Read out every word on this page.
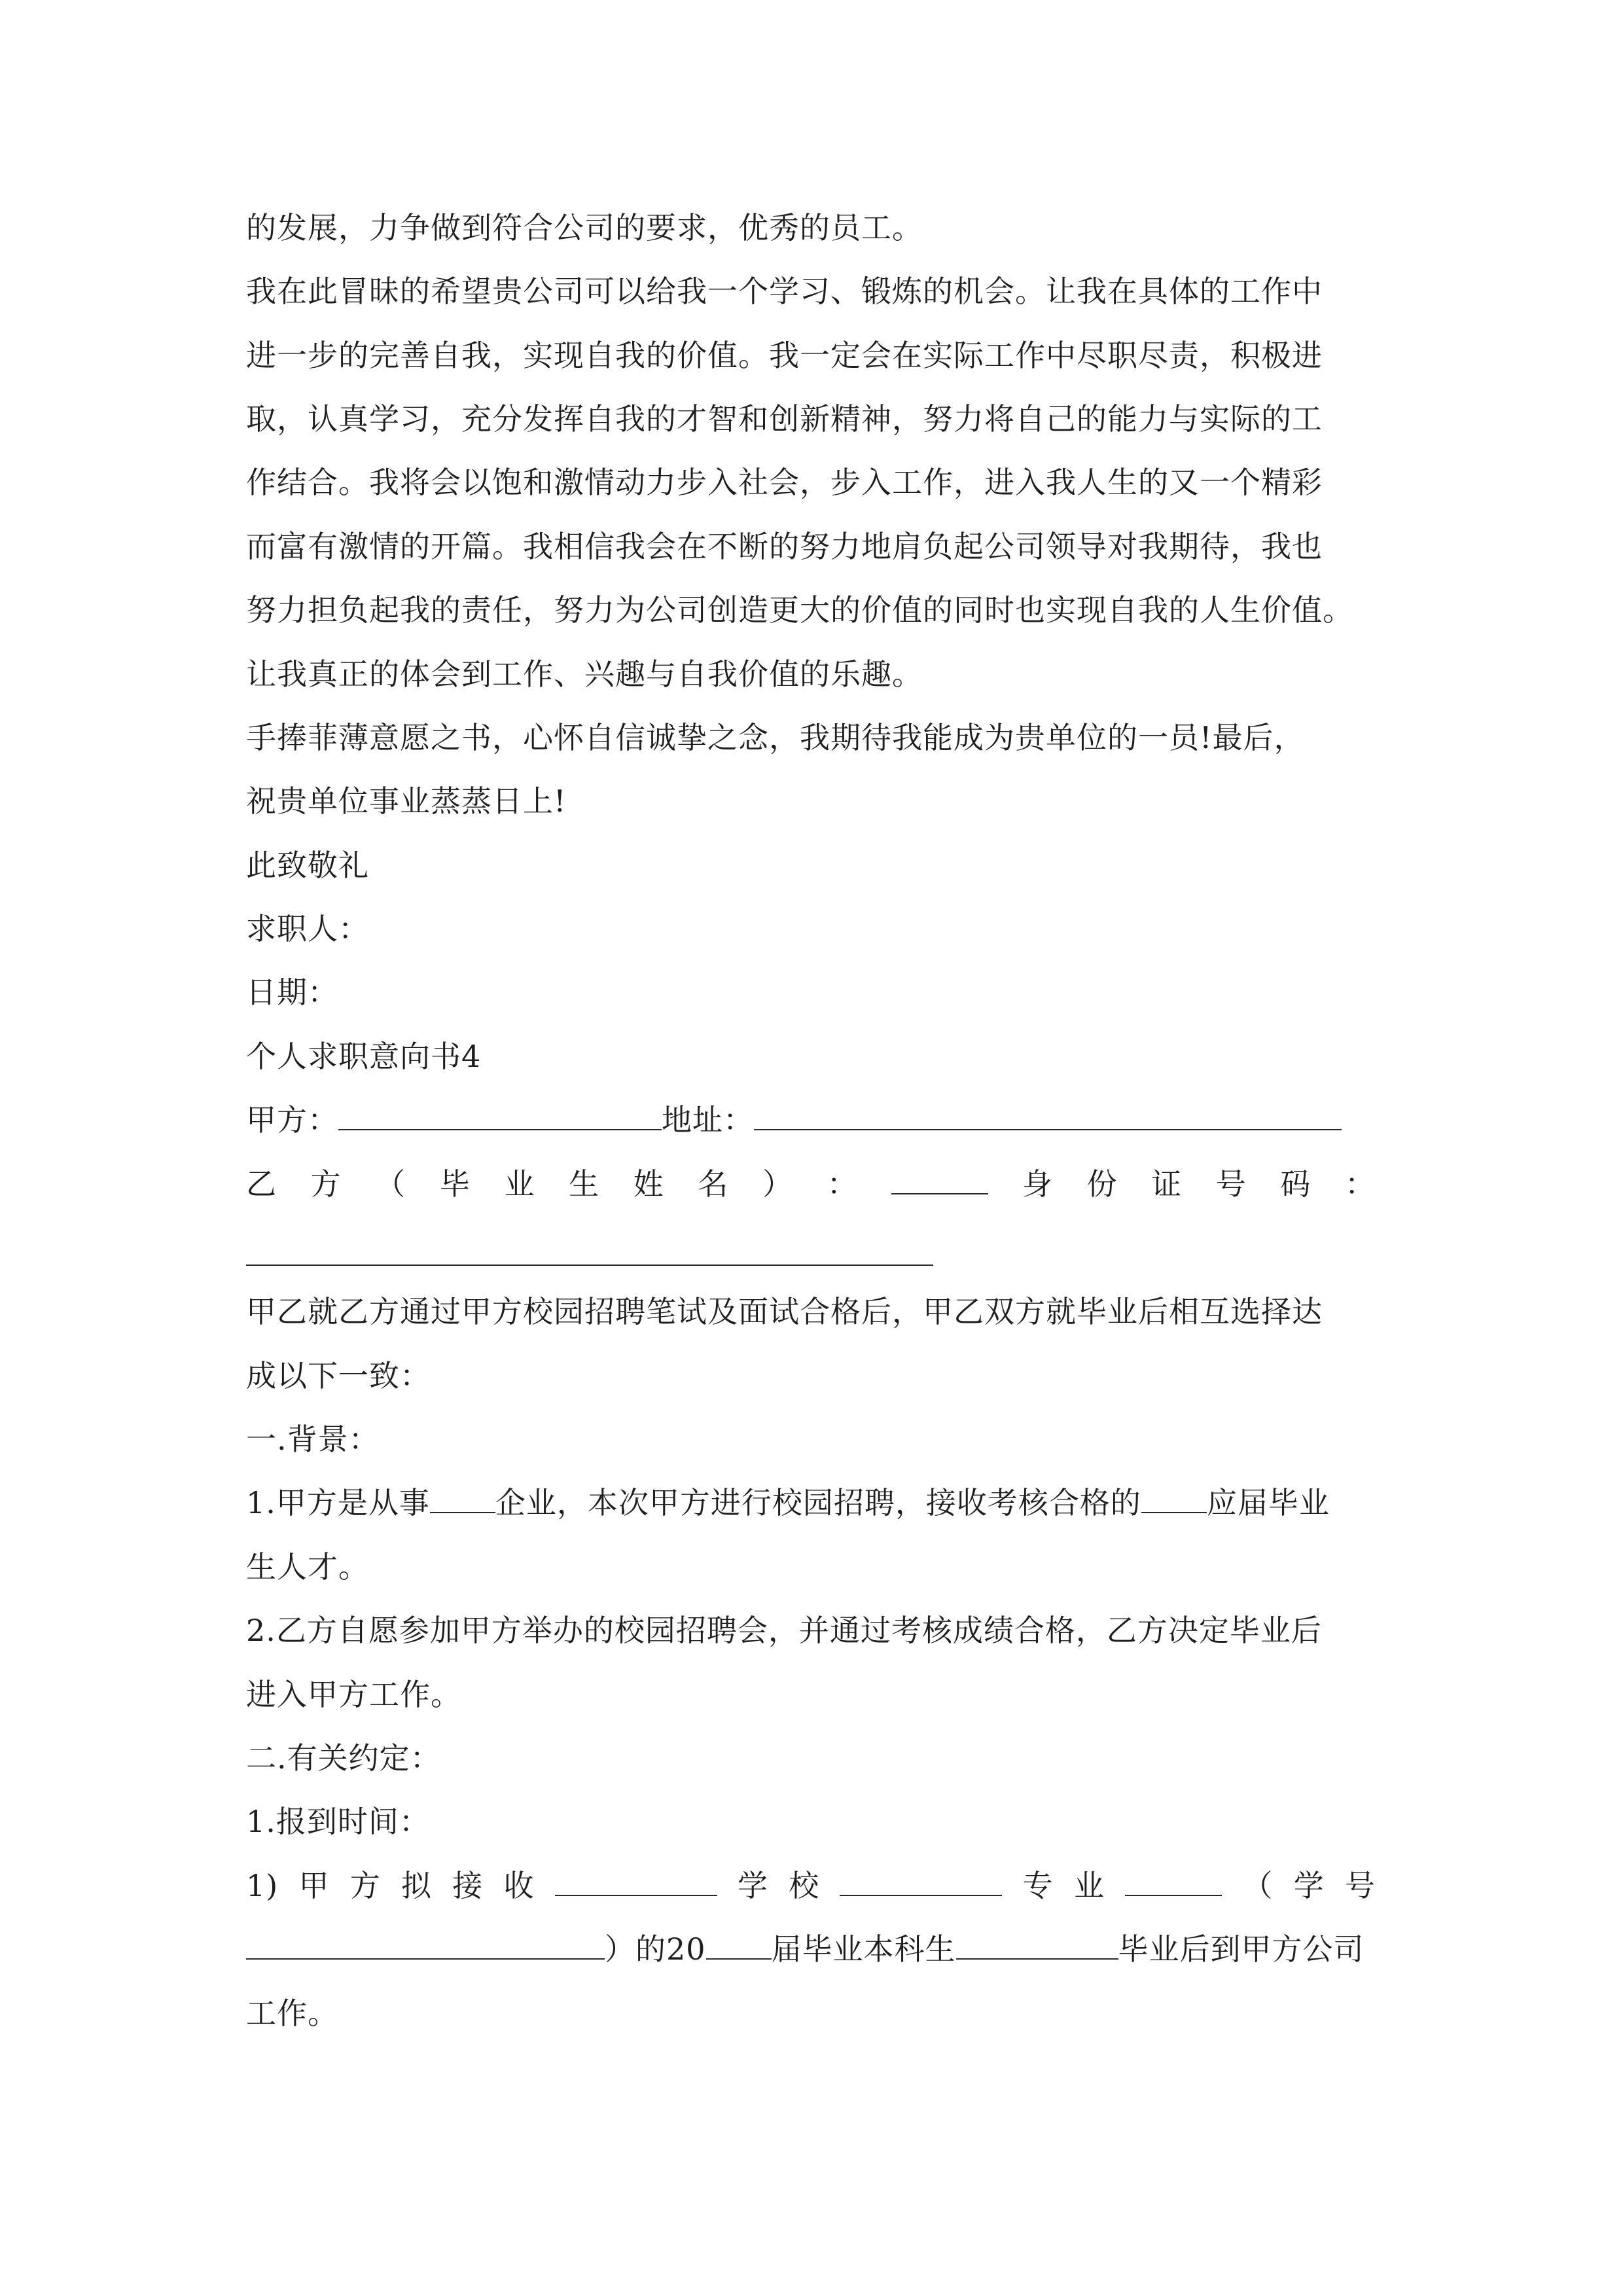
的发展，力争做到符合公司的要求，优秀的员工。
我在此冒昧的希望贵公司可以给我一个学习、锻炼的机会。让我在具体的工作中
进一步的完善自我，实现自我的价值。我一定会在实际工作中尽职尽责，积极进
取，认真学习，充分发挥自我的才智和创新精神，努力将自己的能力与实际的工
作结合。我将会以饱和激情动力步入社会，步入工作，进入我人生的又一个精彩
而富有激情的开篇。我相信我会在不断的努力地肩负起公司领导对我期待，我也
努力担负起我的责任，努力为公司创造更大的价值的同时也实现自我的人生价值。
让我真正的体会到工作、兴趣与自我价值的乐趣。
手捧菲薄意愿之书，心怀自信诚挚之念，我期待我能成为贵单位的一员!最后，
祝贵单位事业蒸蒸日上!
此致敬礼
求职人：
日期：
个人求职意向书4
甲方：	地址：
乙 方 （ 毕 业 生 姓 名 ） ：	身 份 证 号 码 ：
甲乙就乙方通过甲方校园招聘笔试及面试合格后，甲乙双方就毕业后相互选择达
成以下一致：
一.背景：
1.甲方是从事 企业，本次甲方进行校园招聘，接收考核合格的 应届毕业
生人才。
2.乙方自愿参加甲方举办的校园招聘会，并通过考核成绩合格，乙方决定毕业后
进入甲方工作。
二.有关约定：
1.报到时间：
1) 甲 方 拟 接 收	学 校	专 业	（ 学 号
）的20 届毕业本科生	毕业后到甲方公司
工作。
